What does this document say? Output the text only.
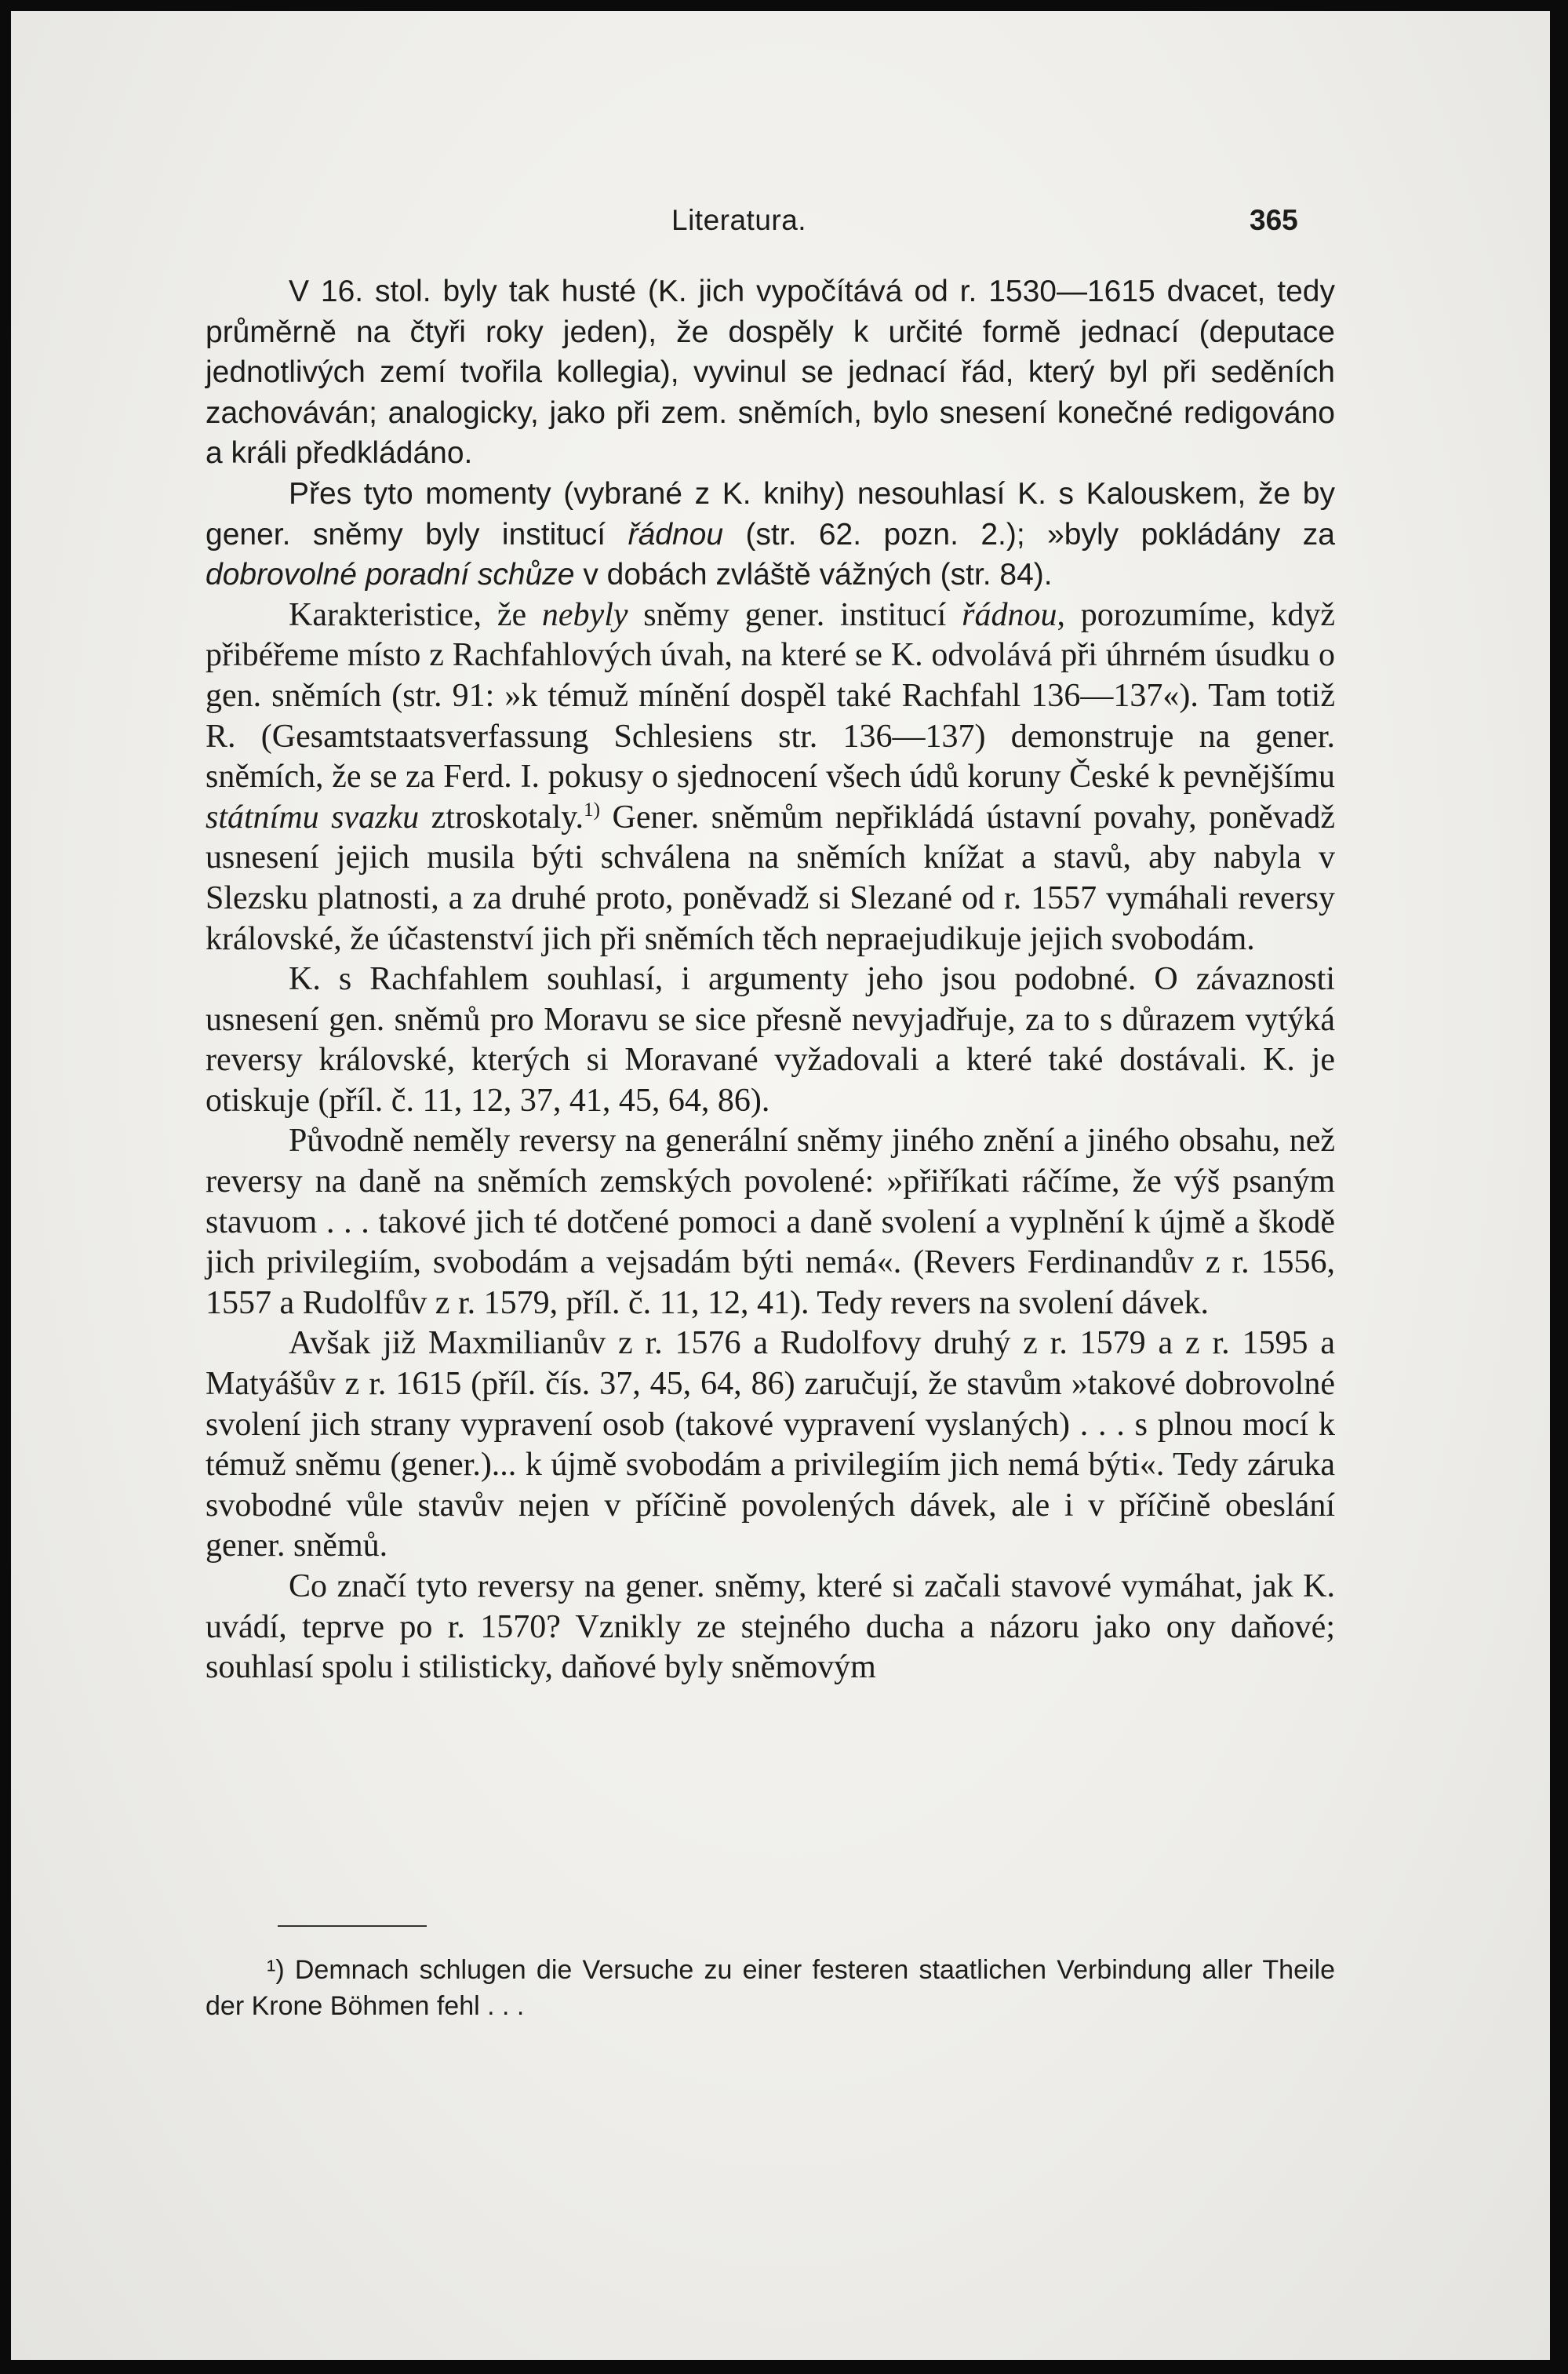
Literatura.	365

V 16. stol. byly tak husté (K. jich vypočítává od r. 1530—1615 dvacet, tedy průměrně na čtyři roky jeden), že dospěly k určité formě jednací (deputace jednotlivých zemí tvořila kollegia), vyvinul se jednací řád, který byl při seděních zachováván; analogicky, jako při zem. sněmích, bylo snesení konečné redigováno a králi předkládáno.

Přes tyto momenty (vybrané z K. knihy) nesouhlasí K. s Kalouskem, že by gener. sněmy byly institucí řádnou (str. 62. pozn. 2.); »byly pokládány za dobrovolné poradní schůze v dobách zvláště vážných (str. 84).

Karakteristice, že nebyly sněmy gener. institucí řádnou, porozumíme, když přibéřeme místo z Rachfahlových úvah, na které se K. odvolává při úhrném úsudku o gen. sněmích (str. 91: »k témuž mínění dospěl také Rachfahl 136—137«). Tam totiž R. (Gesamtstaatsverfassung Schlesiens str. 136—137) demonstruje na gener. sněmích, že se za Ferd. I. pokusy o sjednocení všech údů koruny České k pevnějšímu státnímu svazku ztroskotaly.$^{1)}$ Gener. sněmům nepřikládá ústavní povahy, poněvadž usnesení jejich musila býti schválena na sněmích knížat a stavů, aby nabyla v Slezsku platnosti, a za druhé proto, poněvadž si Slezané od r. 1557 vymáhali reversy královské, že účastenství jich při sněmích těch nepraejudikuje jejich svobodám.

K. s Rachfahlem souhlasí, i argumenty jeho jsou podobné. O závaznosti usnesení gen. sněmů pro Moravu se sice přesně nevyjadřuje, za to s důrazem vytýká reversy královské, kterých si Moravané vyžadovali a které také dostávali. K. je otiskuje (příl. č. 11, 12, 37, 41, 45, 64, 86).

Původně neměly reversy na generální sněmy jiného znění a jiného obsahu, než reversy na daně na sněmích zemských povolené: »přiříkati ráčíme, že výš psaným stavuom . . . takové jich té dotčené pomoci a daně svolení a vyplnění k újmě a škodě jich privilegiím, svobodám a vejsadám býti nemá«. (Revers Ferdinandův z r. 1556, 1557 a Rudolfův z r. 1579, příl. č. 11, 12, 41). Tedy revers na svolení dávek.

Avšak již Maxmilianův z r. 1576 a Rudolfovy druhý z r. 1579 a z r. 1595 a Matyášův z r. 1615 (příl. čís. 37, 45, 64, 86) zaručují, že stavům »takové dobrovolné svolení jich strany vypravení osob (takové vypravení vyslaných) . . . s plnou mocí k témuž sněmu (gener.)... k újmě svobodám a privilegiím jich nemá býti«. Tedy záruka svobodné vůle stavův nejen v příčině povolených dávek, ale i v příčině obeslání gener. sněmů.

Co značí tyto reversy na gener. sněmy, které si začali stavové vymáhat, jak K. uvádí, teprve po r. 1570? Vznikly ze stejného ducha a názoru jako ony daňové; souhlasí spolu i stilisticky, daňové byly sněmovým

¹) Demnach schlugen die Versuche zu einer festeren staatlichen Verbindung aller Theile der Krone Böhmen fehl . . .
